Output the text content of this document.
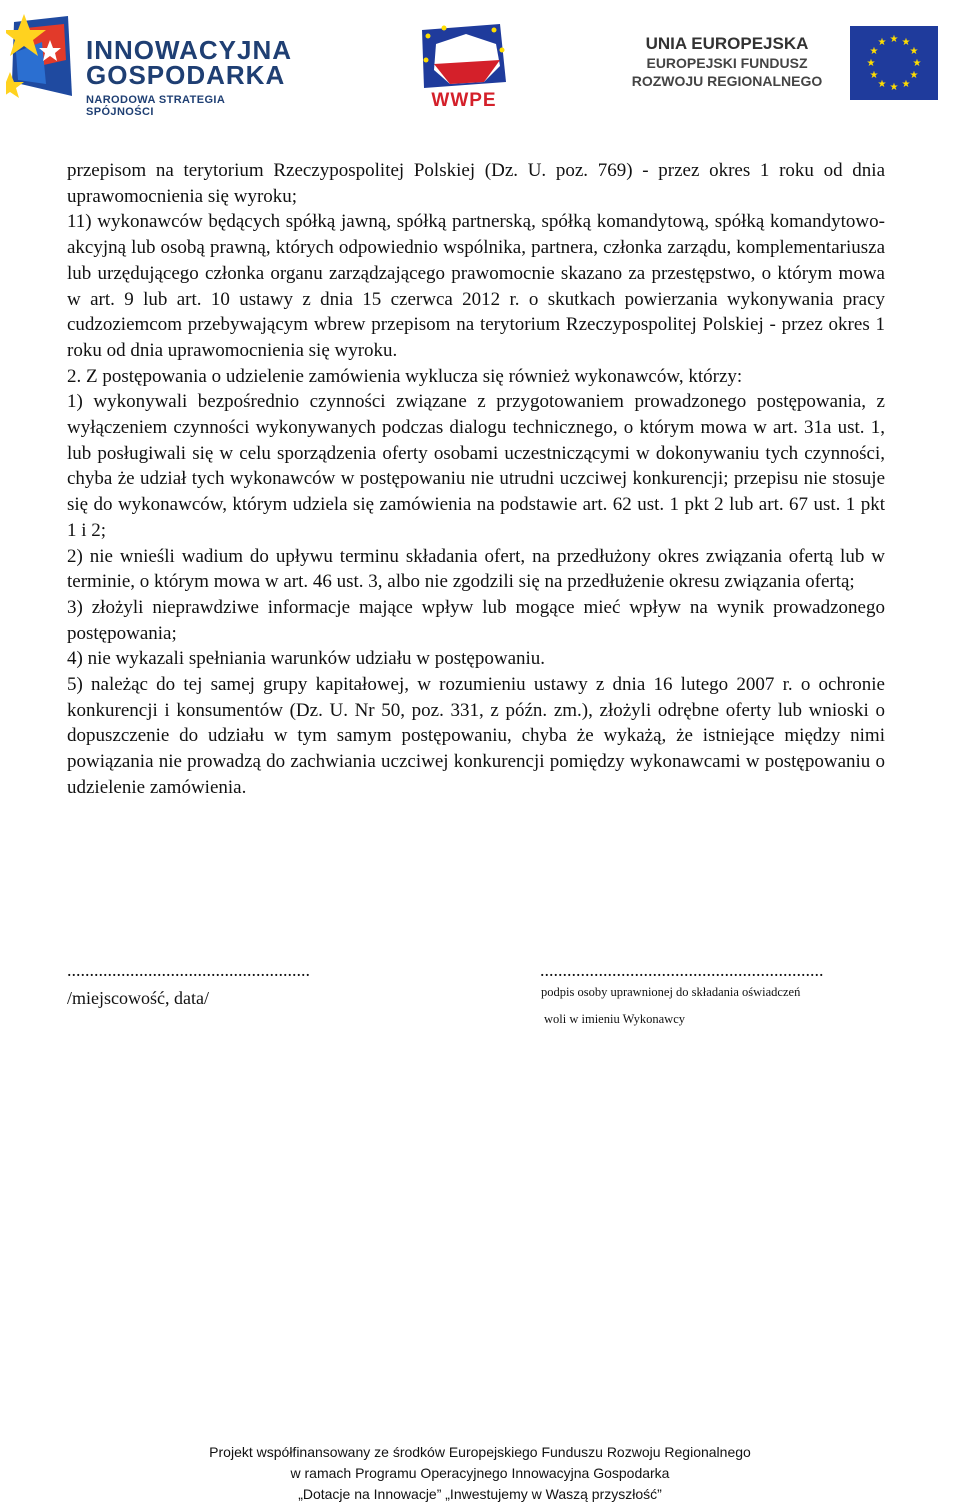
INNOWACYJNA
GOSPODARKA
NARODOWA STRATEGIA SPÓJNOŚCI
WWPE
UNIA EUROPEJSKA
EUROPEJSKI FUNDUSZ
ROZWOJU REGIONALNEGO
★ ★
★
★
★
★
★
★
★
★
★
★

przepisom na terytorium Rzeczypospolitej Polskiej (Dz. U. poz. 769) - przez okres 1 roku od dnia uprawomocnienia się wyroku;

11) wykonawców będących spółką jawną, spółką partnerską, spółką komandytową, spółką komandytowo-akcyjną lub osobą prawną, których odpowiednio wspólnika, partnera, członka zarządu, komplementariusza lub urzędującego członka organu zarządzającego prawomocnie skazano za przestępstwo, o którym mowa w art. 9 lub art. 10 ustawy z dnia 15 czerwca 2012 r. o skutkach powierzania wykonywania pracy cudzoziemcom przebywającym wbrew przepisom na terytorium Rzeczypospolitej Polskiej - przez okres 1 roku od dnia uprawomocnienia się wyroku.

2. Z postępowania o udzielenie zamówienia wyklucza się również wykonawców, którzy:

1) wykonywali bezpośrednio czynności związane z przygotowaniem prowadzonego postępowania, z wyłączeniem czynności wykonywanych podczas dialogu technicznego, o którym mowa w art. 31a ust. 1, lub posługiwali się w celu sporządzenia oferty osobami uczestniczącymi w dokonywaniu tych czynności, chyba że udział tych wykonawców w postępowaniu nie utrudni uczciwej konkurencji; przepisu nie stosuje się do wykonawców, którym udziela się zamówienia na podstawie art. 62 ust. 1 pkt 2 lub art. 67 ust. 1 pkt 1 i 2;

2) nie wnieśli wadium do upływu terminu składania ofert, na przedłużony okres związania ofertą lub w terminie, o którym mowa w art. 46 ust. 3, albo nie zgodzili się na przedłużenie okresu związania ofertą;

3) złożyli nieprawdziwe informacje mające wpływ lub mogące mieć wpływ na wynik prowadzonego postępowania;

4) nie wykazali spełniania warunków udziału w postępowaniu.

5) należąc do tej samej grupy kapitałowej, w rozumieniu ustawy z dnia 16 lutego 2007 r. o ochronie konkurencji i konsumentów (Dz. U. Nr 50, poz. 331, z późn. zm.), złożyli odrębne oferty lub wnioski o dopuszczenie do udziału w tym samym postępowaniu, chyba że wykażą, że istniejące między nimi powiązania nie prowadzą do zachwiania uczciwej konkurencji pomiędzy wykonawcami w postępowaniu o udzielenie zamówienia.

......................................................
/miejscowość, data/
...............................................................
podpis osoby uprawnionej do składania oświadczeń
woli w imieniu Wykonawcy
Projekt współfinansowany ze środków Europejskiego Funduszu Rozwoju Regionalnego
w ramach Programu Operacyjnego Innowacyjna Gospodarka
„Dotacje na Innowacje” „Inwestujemy w Waszą przyszłość”
